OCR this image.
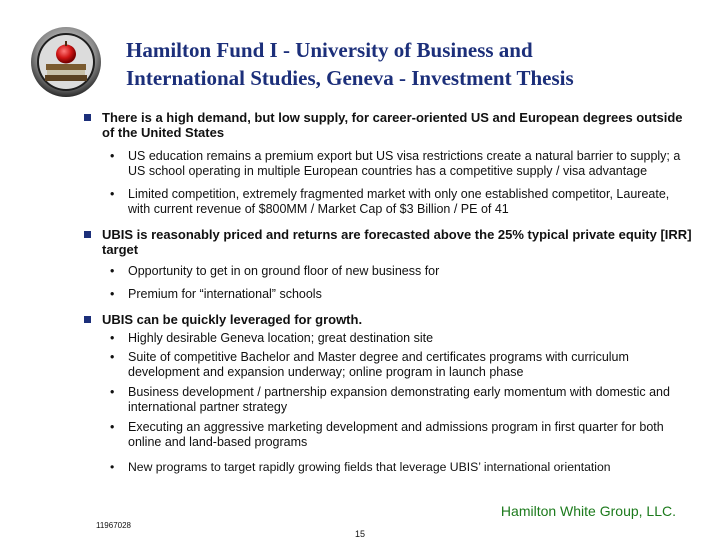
Hamilton Fund I - University of Business and
International Studies, Geneva - Investment Thesis
There is a high demand, but low supply, for career-oriented US and European degrees outside of the United States
• US education remains a premium export but US visa restrictions create a natural barrier to supply; a US school operating in multiple European countries has a competitive supply / visa advantage
• Limited competition, extremely fragmented market with only one established competitor, Laureate, with current revenue of $800MM / Market Cap of $3 Billion / PE of 41
UBIS is reasonably priced and returns are forecasted above the 25% typical private equity [IRR] target
• Opportunity to get in on ground floor of new business for
• Premium for “international” schools
UBIS can be quickly leveraged for growth.
• Highly desirable Geneva location; great destination site
• Suite of competitive Bachelor and Master degree and certificates programs with curriculum development and expansion underway; online program in launch phase
• Business development / partnership expansion demonstrating early momentum with domestic and international partner strategy
• Executing an aggressive marketing development and admissions program in first quarter for both online and land-based programs
• New programs to target rapidly growing fields that leverage UBIS’ international orientation
Hamilton White Group, LLC.
11967028
15
